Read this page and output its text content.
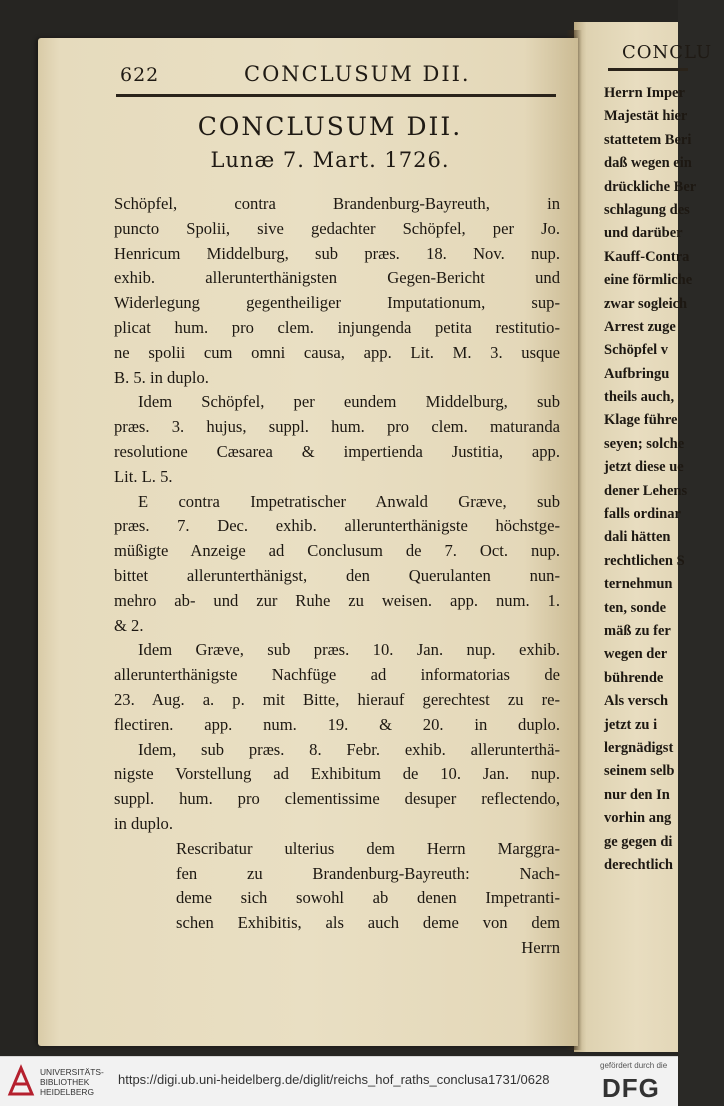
CONCLU
Herrn Imper
Majestät hier
stattetem Beri
daß wegen ein
drückliche Ber
schlagung des
und darüber
Kauff-Contra
eine förmliche
zwar sogleich
Arrest zuge
Schöpfel v
Aufbringu
theils auch,
Klage führe
seyen; solche
jetzt diese ue
dener Lehens
falls ordinar
dali hätten
rechtlichen S
ternehmun
ten, sonde
mäß zu fer
wegen der
bührende
Als versch
jetzt zu i
lergnädigst
seinem selb
nur den In
vorhin ang
ge gegen di
derechtlich
622	CONCLUSUM DII.
CONCLUSUM DII.
Lunæ 7. Mart. 1726.
Schöpfel, contra Brandenburg-Bayreuth, in
puncto Spolii, sive gedachter Schöpfel, per Jo.
Henricum Middelburg, sub præs. 18. Nov. nup.
exhib. allerunterthänigsten Gegen-Bericht und
Widerlegung gegentheiliger Imputationum, sup-
plicat hum. pro clem. injungenda petita restitutio-
ne spolii cum omni causa, app. Lit. M. 3. usque
B. 5. in duplo.
Idem Schöpfel, per eundem Middelburg, sub
præs. 3. hujus, suppl. hum. pro clem. maturanda
resolutione Cæsarea & impertienda Justitia, app.
Lit. L. 5.
E contra Impetratischer Anwald Græve, sub
præs. 7. Dec. exhib. allerunterthänigste höchstge-
müßigte Anzeige ad Conclusum de 7. Oct. nup.
bittet allerunterthänigst, den Querulanten nun-
mehro ab- und zur Ruhe zu weisen. app. num. 1.
& 2.
Idem Græve, sub præs. 10. Jan. nup. exhib.
allerunterthänigste Nachfüge ad informatorias de
23. Aug. a. p. mit Bitte, hierauf gerechtest zu re-
flectiren. app. num. 19. & 20. in duplo.
Idem, sub præs. 8. Febr. exhib. allerunterthä-
nigste Vorstellung ad Exhibitum de 10. Jan. nup.
suppl. hum. pro clementissime desuper reflectendo,
in duplo.
Rescribatur ulterius dem Herrn Marggra-
fen zu Brandenburg-Bayreuth: Nach-
deme sich sowohl ab denen Impetranti-
schen Exhibitis, als auch deme von dem
Herrn
UNIVERSITÄTS-
BIBLIOTHEK
HEIDELBERG
https://digi.ub.uni-heidelberg.de/diglit/reichs_hof_raths_conclusa1731/0628
gefördert durch die
DFG
